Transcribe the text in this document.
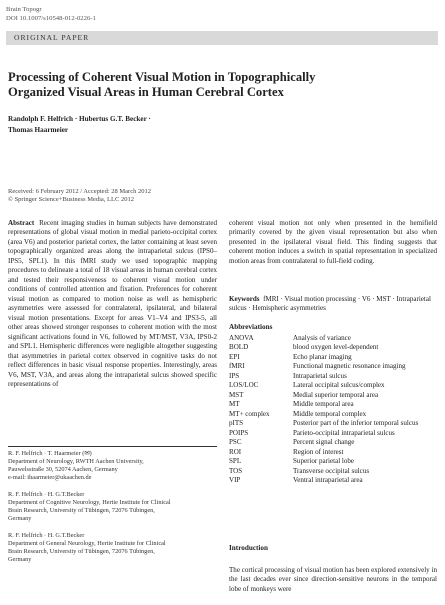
Brain Topogr
DOI 10.1007/s10548-012-0226-1
ORIGINAL PAPER
Processing of Coherent Visual Motion in Topographically
Organized Visual Areas in Human Cerebral Cortex
Randolph F. Helfrich · Hubertus G.T. Becker ·
Thomas Haarmeier
Received: 6 February 2012 / Accepted: 28 March 2012
© Springer Science+Business Media, LLC 2012
Abstract Recent imaging studies in human subjects have demonstrated representations of global visual motion in medial parieto-occipital cortex (area V6) and posterior parietal cortex, the latter containing at least seven topographically organized areas along the intraparietal sulcus (IPS0–IPS5, SPL1). In this fMRI study we used topographic mapping procedures to delineate a total of 18 visual areas in human cerebral cortex and tested their responsiveness to coherent visual motion under conditions of controlled attention and fixation. Preferences for coherent visual motion as compared to motion noise as well as hemispheric asymmetries were assessed for contralateral, ipsilateral, and bilateral visual motion presentations. Except for areas V1–V4 and IPS3-5, all other areas showed stronger responses to coherent motion with the most significant activations found in V6, followed by MT/MST, V3A, IPS0-2 and SPL1. Hemispheric differences were negligible altogether suggesting that asymmetries in parietal cortex observed in cognitive tasks do not reflect differences in basic visual response properties. Interestingly, areas V6, MST, V3A, and areas along the intraparietal sulcus showed specific representations of
R. F. Helfrich · T. Haarmeier (✉)
Department of Neurology, RWTH Aachen University,
Pauwelsstraße 30, 52074 Aachen, Germany
e-mail: thaarmeier@ukaachen.de
R. F. Helfrich · H. G.T.Becker
Department of Cognitive Neurology, Hertie Institute for Clinical
Brain Research, University of Tübingen, 72076 Tübingen,
Germany
R. F. Helfrich · H. G.T.Becker
Department of General Neurology, Hertie Institute for Clinical
Brain Research, University of Tübingen, 72076 Tübingen,
Germany
coherent visual motion not only when presented in the hemifield primarily covered by the given visual representation but also when presented in the ipsilateral visual field. This finding suggests that coherent motion induces a switch in spatial representation in specialized motion areas from contralateral to full-field coding.
Keywords fMRI · Visual motion processing · V6 · MST · Intraparietal sulcus · Hemispheric asymmetries
Abbreviations
ANOVA	Analysis of variance
BOLD	blood oxygen level-dependent
EPI	Echo planar imaging
fMRI	Functional magnetic resonance imaging
IPS	Intraparietal sulcus
LOS/LOC	Lateral occipital sulcus/complex
MST	Medial superior temporal area
MT	Middle temporal area
MT+ complex	Middle temporal complex
pITS	Posterior part of the inferior temporal sulcus
POIPS	Parieto-occipital intraparietal sulcus
PSC	Percent signal change
ROI	Region of interest
SPL	Superior parietal lobe
TOS	Transverse occipital sulcus
VIP	Ventral intraparietal area
Introduction
The cortical processing of visual motion has been explored extensively in the last decades ever since direction-sensitive neurons in the temporal lobe of monkeys were
